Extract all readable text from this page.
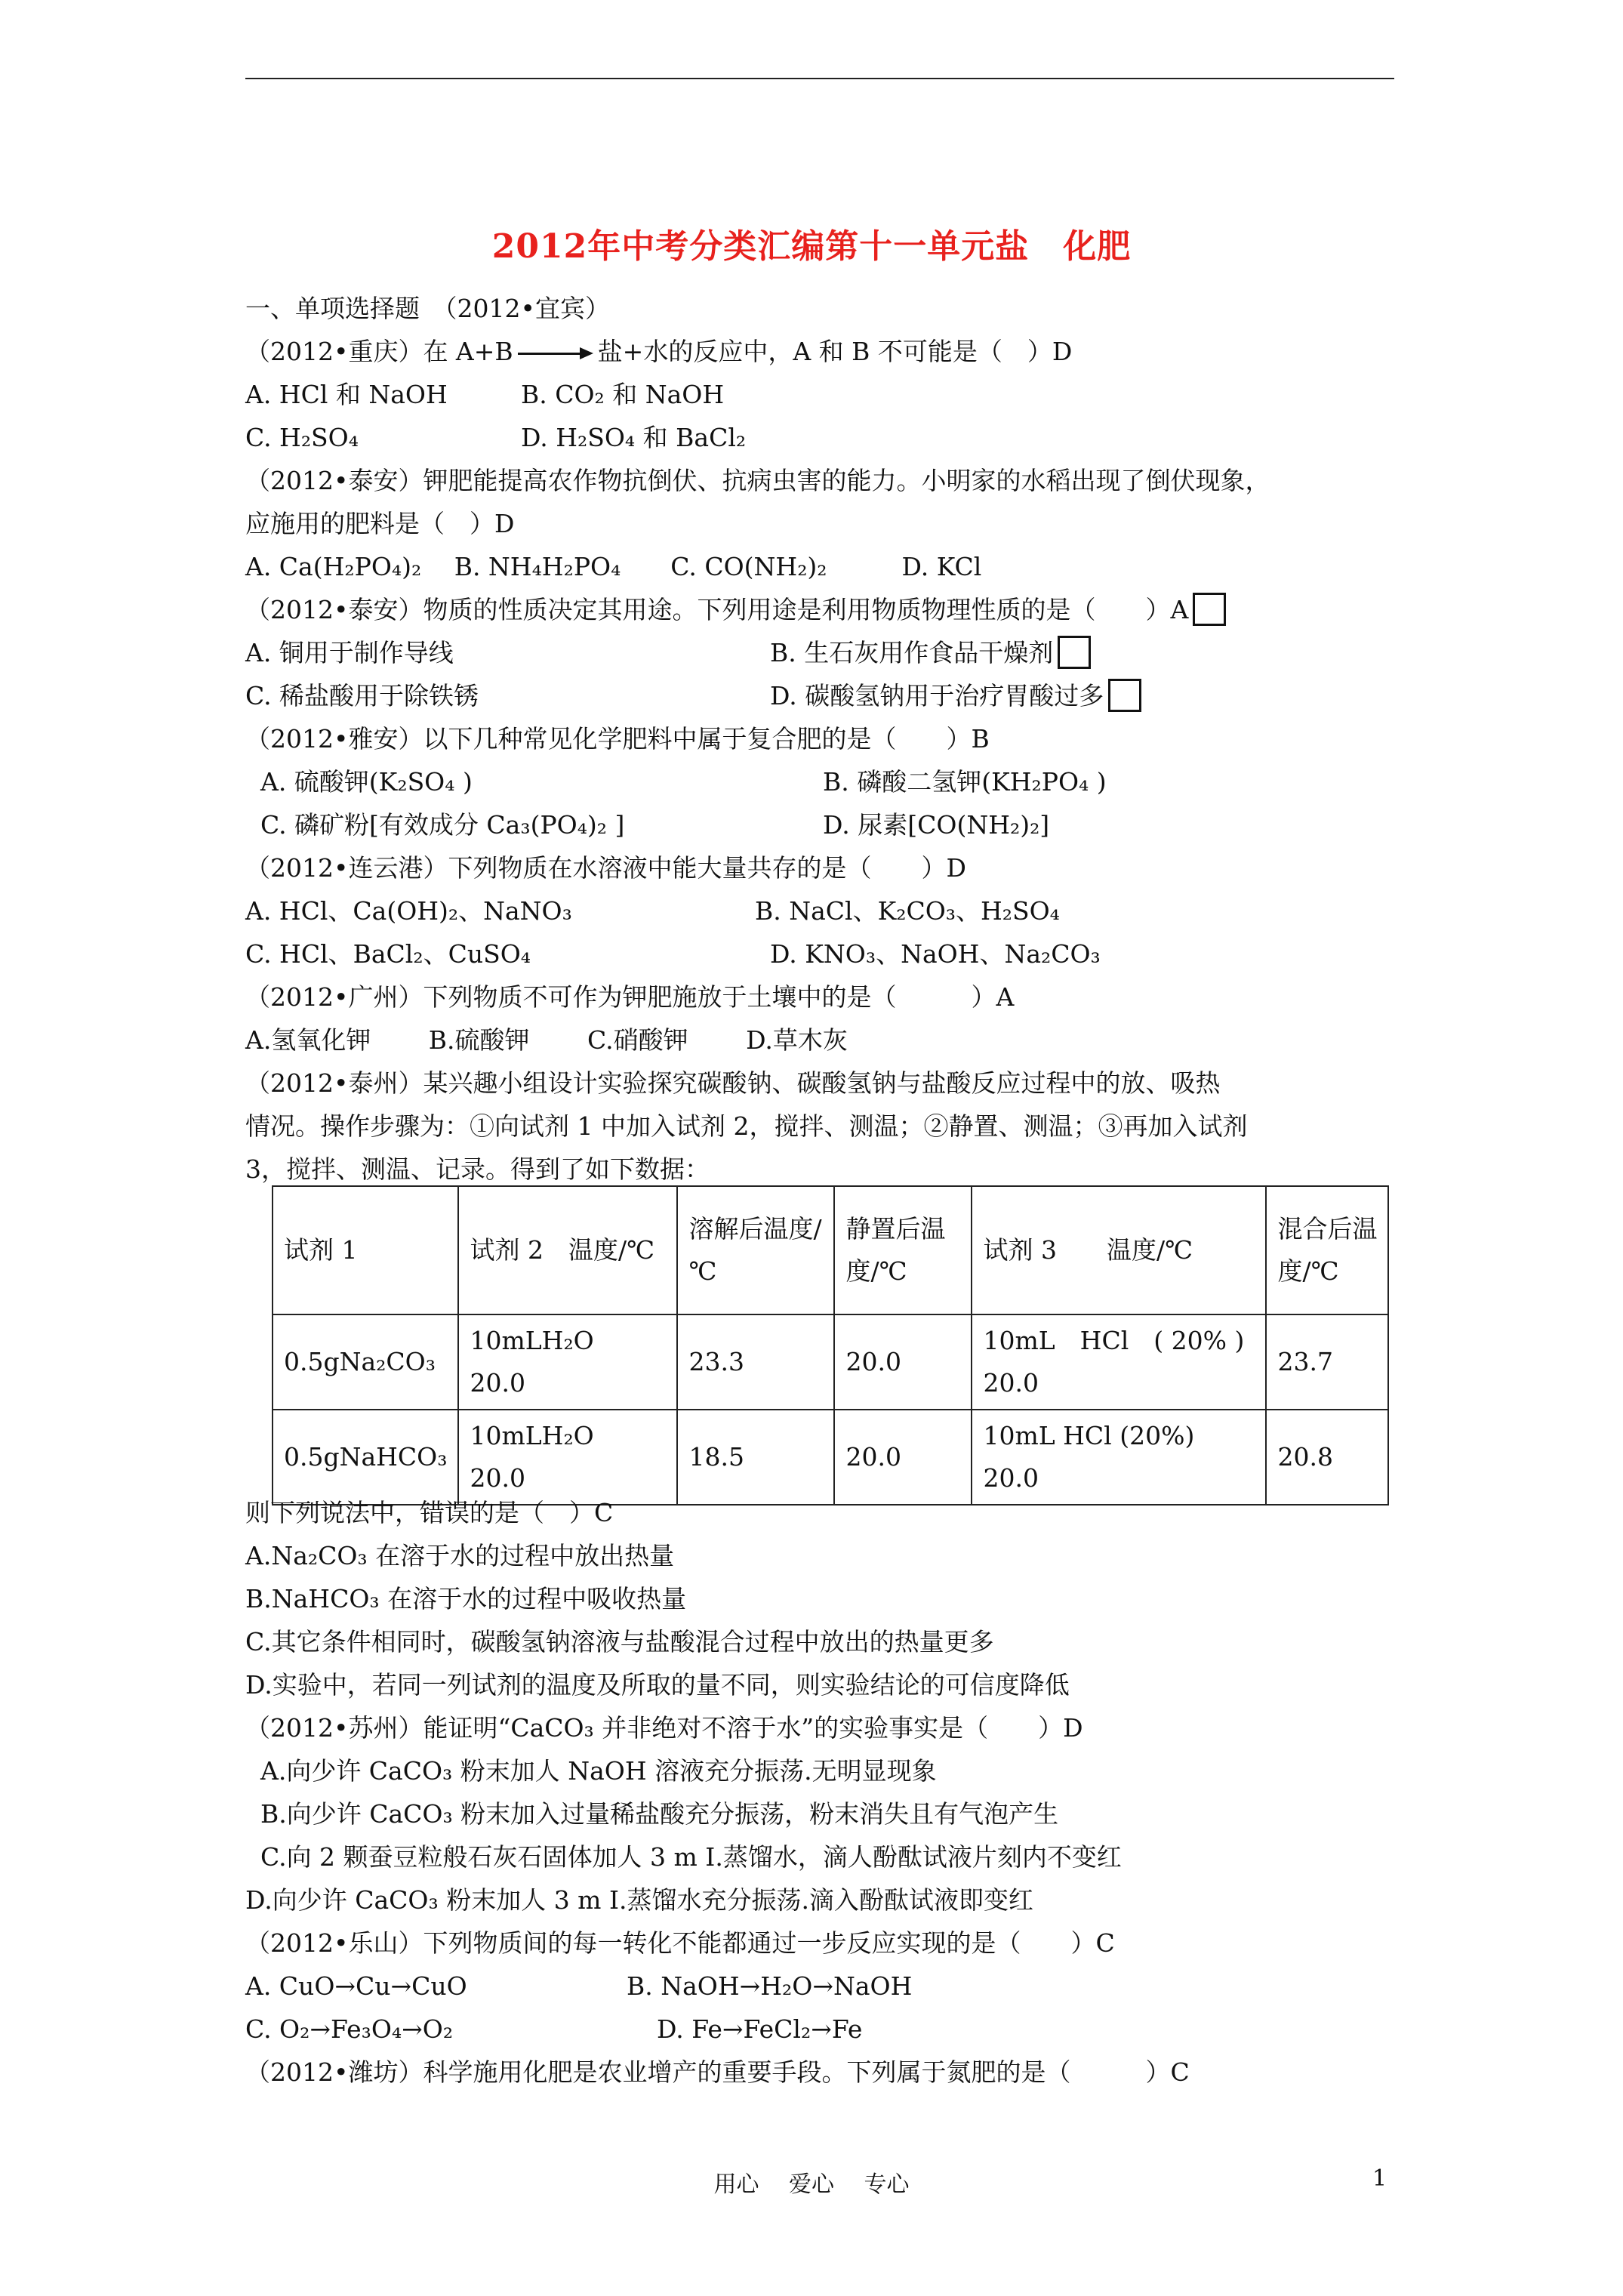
2012年中考分类汇编第十一单元盐　化肥
一、单项选择题　（2012•宜宾）
（2012•重庆）在 A+B	盐+水的反应中，A 和 B 不可能是（　）D
A. HCl 和 NaOH	B. CO₂ 和 NaOH
C. H₂SO₄	D. H₂SO₄ 和 BaCl₂
（2012•泰安）钾肥能提高农作物抗倒伏、抗病虫害的能力。小明家的水稻出现了倒伏现象，
应施用的肥料是（　）D
A. Ca(H₂PO₄)₂　 B. NH₄H₂PO₄　　C. CO(NH₂)₂　　　D. KCl
（2012•泰安）物质的性质决定其用途。下列用途是利用物质物理性质的是（　　）A
A. 铜用于制作导线	B. 生石灰用作食品干燥剂
C. 稀盐酸用于除铁锈	D. 碳酸氢钠用于治疗胃酸过多
（2012•雅安）以下几种常见化学肥料中属于复合肥的是（　　）B
A. 硫酸钾(K₂SO₄ )	B. 磷酸二氢钾(KH₂PO₄ )
C. 磷矿粉[有效成分 Ca₃(PO₄)₂ ]	D. 尿素[CO(NH₂)₂]
（2012•连云港）下列物质在水溶液中能大量共存的是（　　）D
A. HCl、Ca(OH)₂、NaNO₃	B. NaCl、K₂CO₃、H₂SO₄
C. HCl、BaCl₂、CuSO₄	D. KNO₃、NaOH、Na₂CO₃
（2012•广州）下列物质不可作为钾肥施放于土壤中的是（　　　）A
A.氢氧化钾　　 B.硫酸钾　　 C.硝酸钾　　 D.草木灰
（2012•泰州）某兴趣小组设计实验探究碳酸钠、碳酸氢钠与盐酸反应过程中的放、吸热
情况。操作步骤为：①向试剂 1 中加入试剂 2，搅拌、测温；②静置、测温；③再加入试剂
3，搅拌、测温、记录。得到了如下数据：
试剂 1	试剂 2　温度/℃	溶解后温度/℃	静置后温度/℃	试剂 3　　温度/℃	混合后温度/℃
0.5gNa₂CO₃	10mLH₂O　20.0	23.3	20.0	10mL　HCl　( 20% )　20.0	23.7
0.5gNaHCO₃	10mLH₂O　20.0	18.5	20.0	10mL HCl (20%)　20.0	20.8
则下列说法中，错误的是（　）C
A.Na₂CO₃ 在溶于水的过程中放出热量
B.NaHCO₃ 在溶于水的过程中吸收热量
C.其它条件相同时，碳酸氢钠溶液与盐酸混合过程中放出的热量更多
D.实验中，若同一列试剂的温度及所取的量不同，则实验结论的可信度降低
（2012•苏州）能证明“CaCO₃ 并非绝对不溶于水”的实验事实是（　　）D
A.向少许 CaCO₃ 粉末加人 NaOH 溶液充分振荡.无明显现象
B.向少许 CaCO₃ 粉末加入过量稀盐酸充分振荡，粉末消失且有气泡产生
C.向 2 颗蚕豆粒般石灰石固体加人 3 m I.蒸馏水，滴人酚酞试液片刻内不变红
D.向少许 CaCO₃ 粉末加人 3 m I.蒸馏水充分振荡.滴入酚酞试液即变红
（2012•乐山）下列物质间的每一转化不能都通过一步反应实现的是（　　）C
A. CuO→Cu→CuO	B. NaOH→H₂O→NaOH
C. O₂→Fe₃O₄→O₂	D. Fe→FeCl₂→Fe
（2012•潍坊）科学施用化肥是农业增产的重要手段。下列属于氮肥的是（　　　）C
用心　 爱心　 专心	1
